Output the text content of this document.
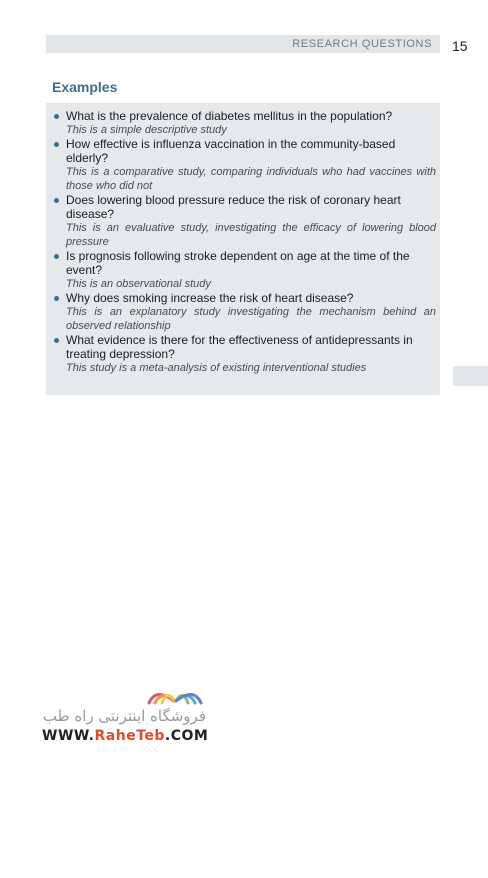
RESEARCH QUESTIONS 15
Examples
What is the prevalence of diabetes mellitus in the population?
This is a simple descriptive study
How effective is influenza vaccination in the community-based elderly?
This is a comparative study, comparing individuals who had vaccines with those who did not
Does lowering blood pressure reduce the risk of coronary heart disease?
This is an evaluative study, investigating the efficacy of lowering blood pressure
Is prognosis following stroke dependent on age at the time of the event?
This is an observational study
Why does smoking increase the risk of heart disease?
This is an explanatory study investigating the mechanism behind an observed relationship
What evidence is there for the effectiveness of antidepressants in treating depression?
This study is a meta-analysis of existing interventional studies
فروشگاه اینترنتی راه طب
WWW.RaheTeb.COM
